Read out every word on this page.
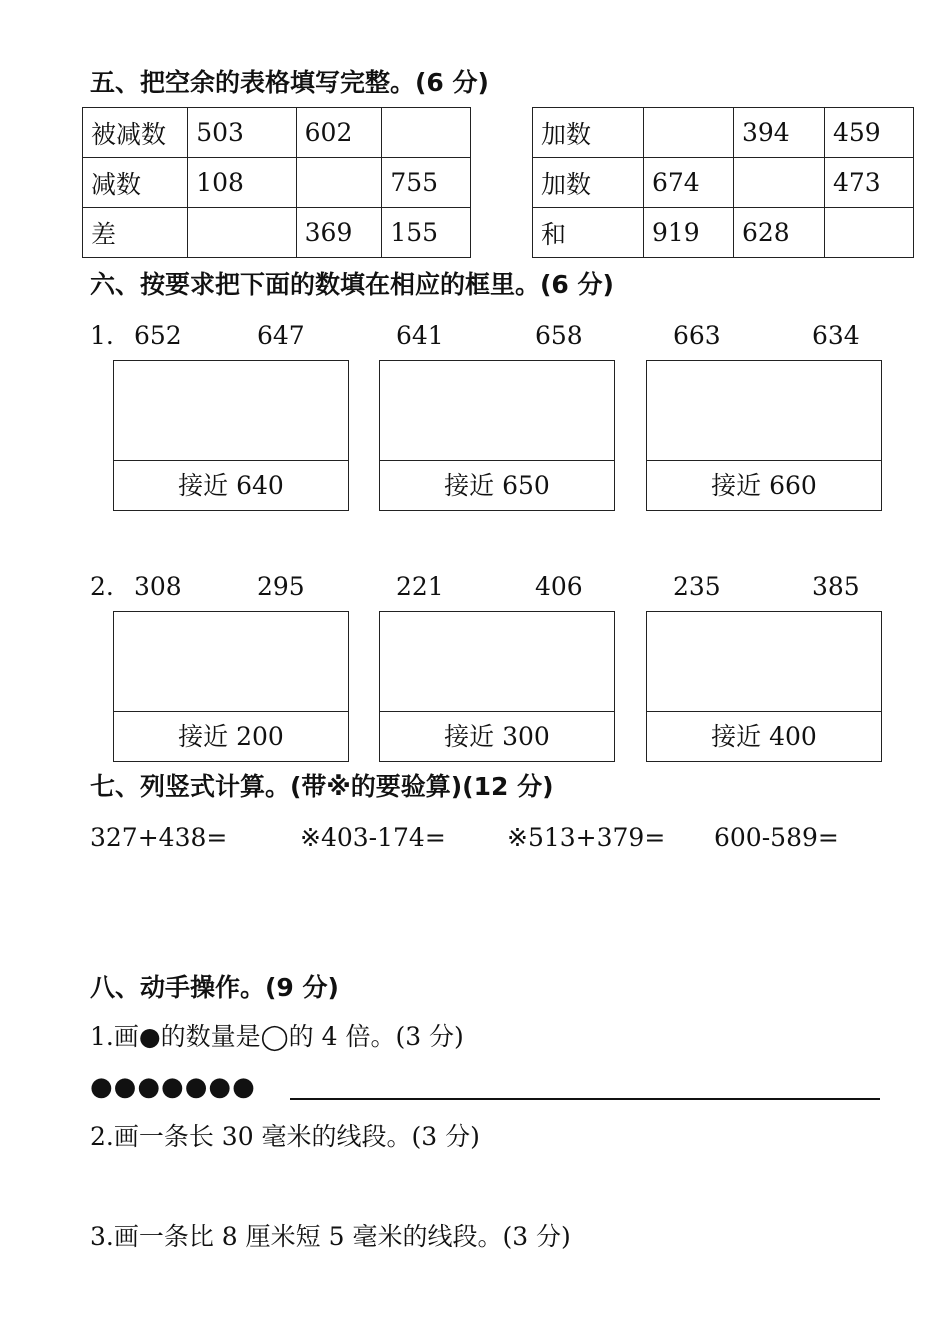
五、把空余的表格填写完整。(6 分)
被减数	503	602	
减数	108		755
差		369	155
加数		394	459
加数	674		473
和	919	628	
六、按要求把下面的数填在相应的框里。(6 分)
1. 652	647	641	658	663	634
接近 640	接近 650	接近 660
2. 308	295	221	406	235	385
接近 200	接近 300	接近 400
七、列竖式计算。(带※的要验算)(12 分)
327+438=	※403-174= ※513+379= 600-589=
八、动手操作。(9 分)
1.画●的数量是◯的 4 倍。(3 分)
●●●●●●●
2.画一条长 30 毫米的线段。(3 分)
3.画一条比 8 厘米短 5 毫米的线段。(3 分)
